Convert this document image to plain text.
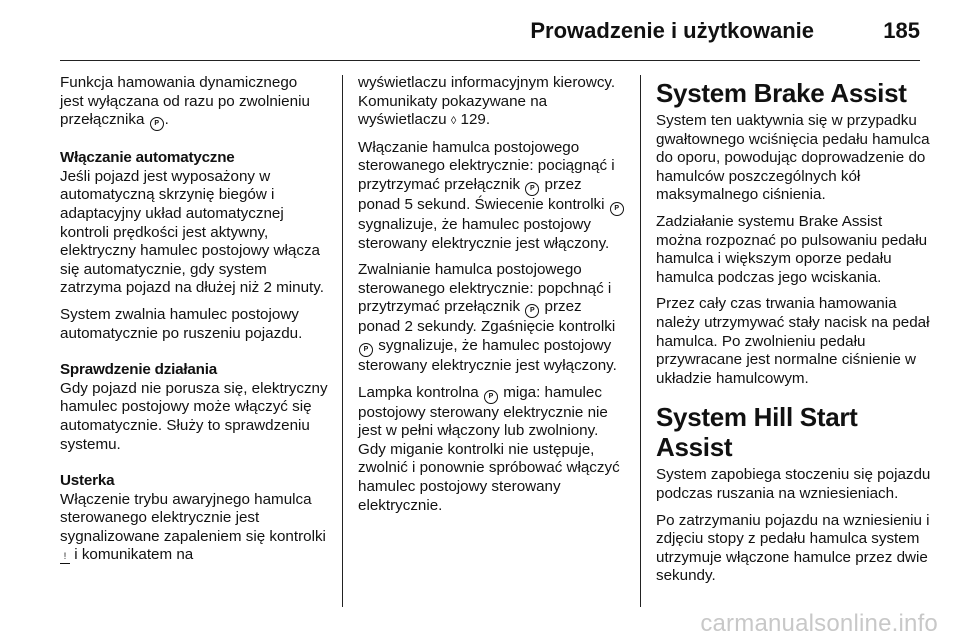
Prowadzenie i użytkowanie	185

Funkcja hamowania dynamicznego
jest wyłączana od razu po zwolnieniu
przełącznika P .

Włączanie automatyczne

Jeśli pojazd jest wyposażony w automatyczną skrzynię biegów i adaptacyjny układ automatycznej kontroli prędkości jest aktywny, elektryczny hamulec postojowy włącza się automatycznie, gdy system zatrzyma pojazd na dłużej niż 2 minuty.

System zwalnia hamulec postojowy automatycznie po ruszeniu pojazdu.

Sprawdzenie działania

Gdy pojazd nie porusza się, elektryczny hamulec postojowy może włączyć się automatycznie. Służy to sprawdzeniu systemu.

Usterka

Włączenie trybu awaryjnego hamulca sterowanego elektrycznie jest sygnalizowane zapaleniem się kontrolki ! i komunikatem na

wyświetlaczu informacyjnym kierowcy. Komunikaty pokazywane na wyświetlaczu ◊ 129.

Włączanie hamulca postojowego sterowanego elektrycznie: pociągnąć i przytrzymać przełącznik P przez ponad 5 sekund. Świecenie kontrolki P sygnalizuje, że hamulec postojowy sterowany elektrycznie jest włączony.

Zwalnianie hamulca postojowego sterowanego elektrycznie: popchnąć i przytrzymać przełącznik P przez ponad 2 sekundy. Zgaśnięcie kontrolki P sygnalizuje, że hamulec postojowy sterowany elektrycznie jest wyłączony.

Lampka kontrolna P miga: hamulec postojowy sterowany elektrycznie nie jest w pełni włączony lub zwolniony. Gdy miganie kontrolki nie ustępuje, zwolnić i ponownie spróbować włączyć hamulec postojowy sterowany elektrycznie.

System Brake Assist

System ten uaktywnia się w przypadku gwałtownego wciśnięcia pedału hamulca do oporu, powodując doprowadzenie do hamulców poszczególnych kół maksymalnego ciśnienia.

Zadziałanie systemu Brake Assist można rozpoznać po pulsowaniu pedału hamulca i większym oporze pedału hamulca podczas jego wciskania.

Przez cały czas trwania hamowania należy utrzymywać stały nacisk na pedał hamulca. Po zwolnieniu pedału przywracane jest normalne ciśnienie w układzie hamulcowym.

System Hill Start Assist

System zapobiega stoczeniu się pojazdu podczas ruszania na wzniesieniach.

Po zatrzymaniu pojazdu na wzniesieniu i zdjęciu stopy z pedału hamulca system utrzymuje włączone hamulce przez dwie sekundy.

carmanualsonline.info
